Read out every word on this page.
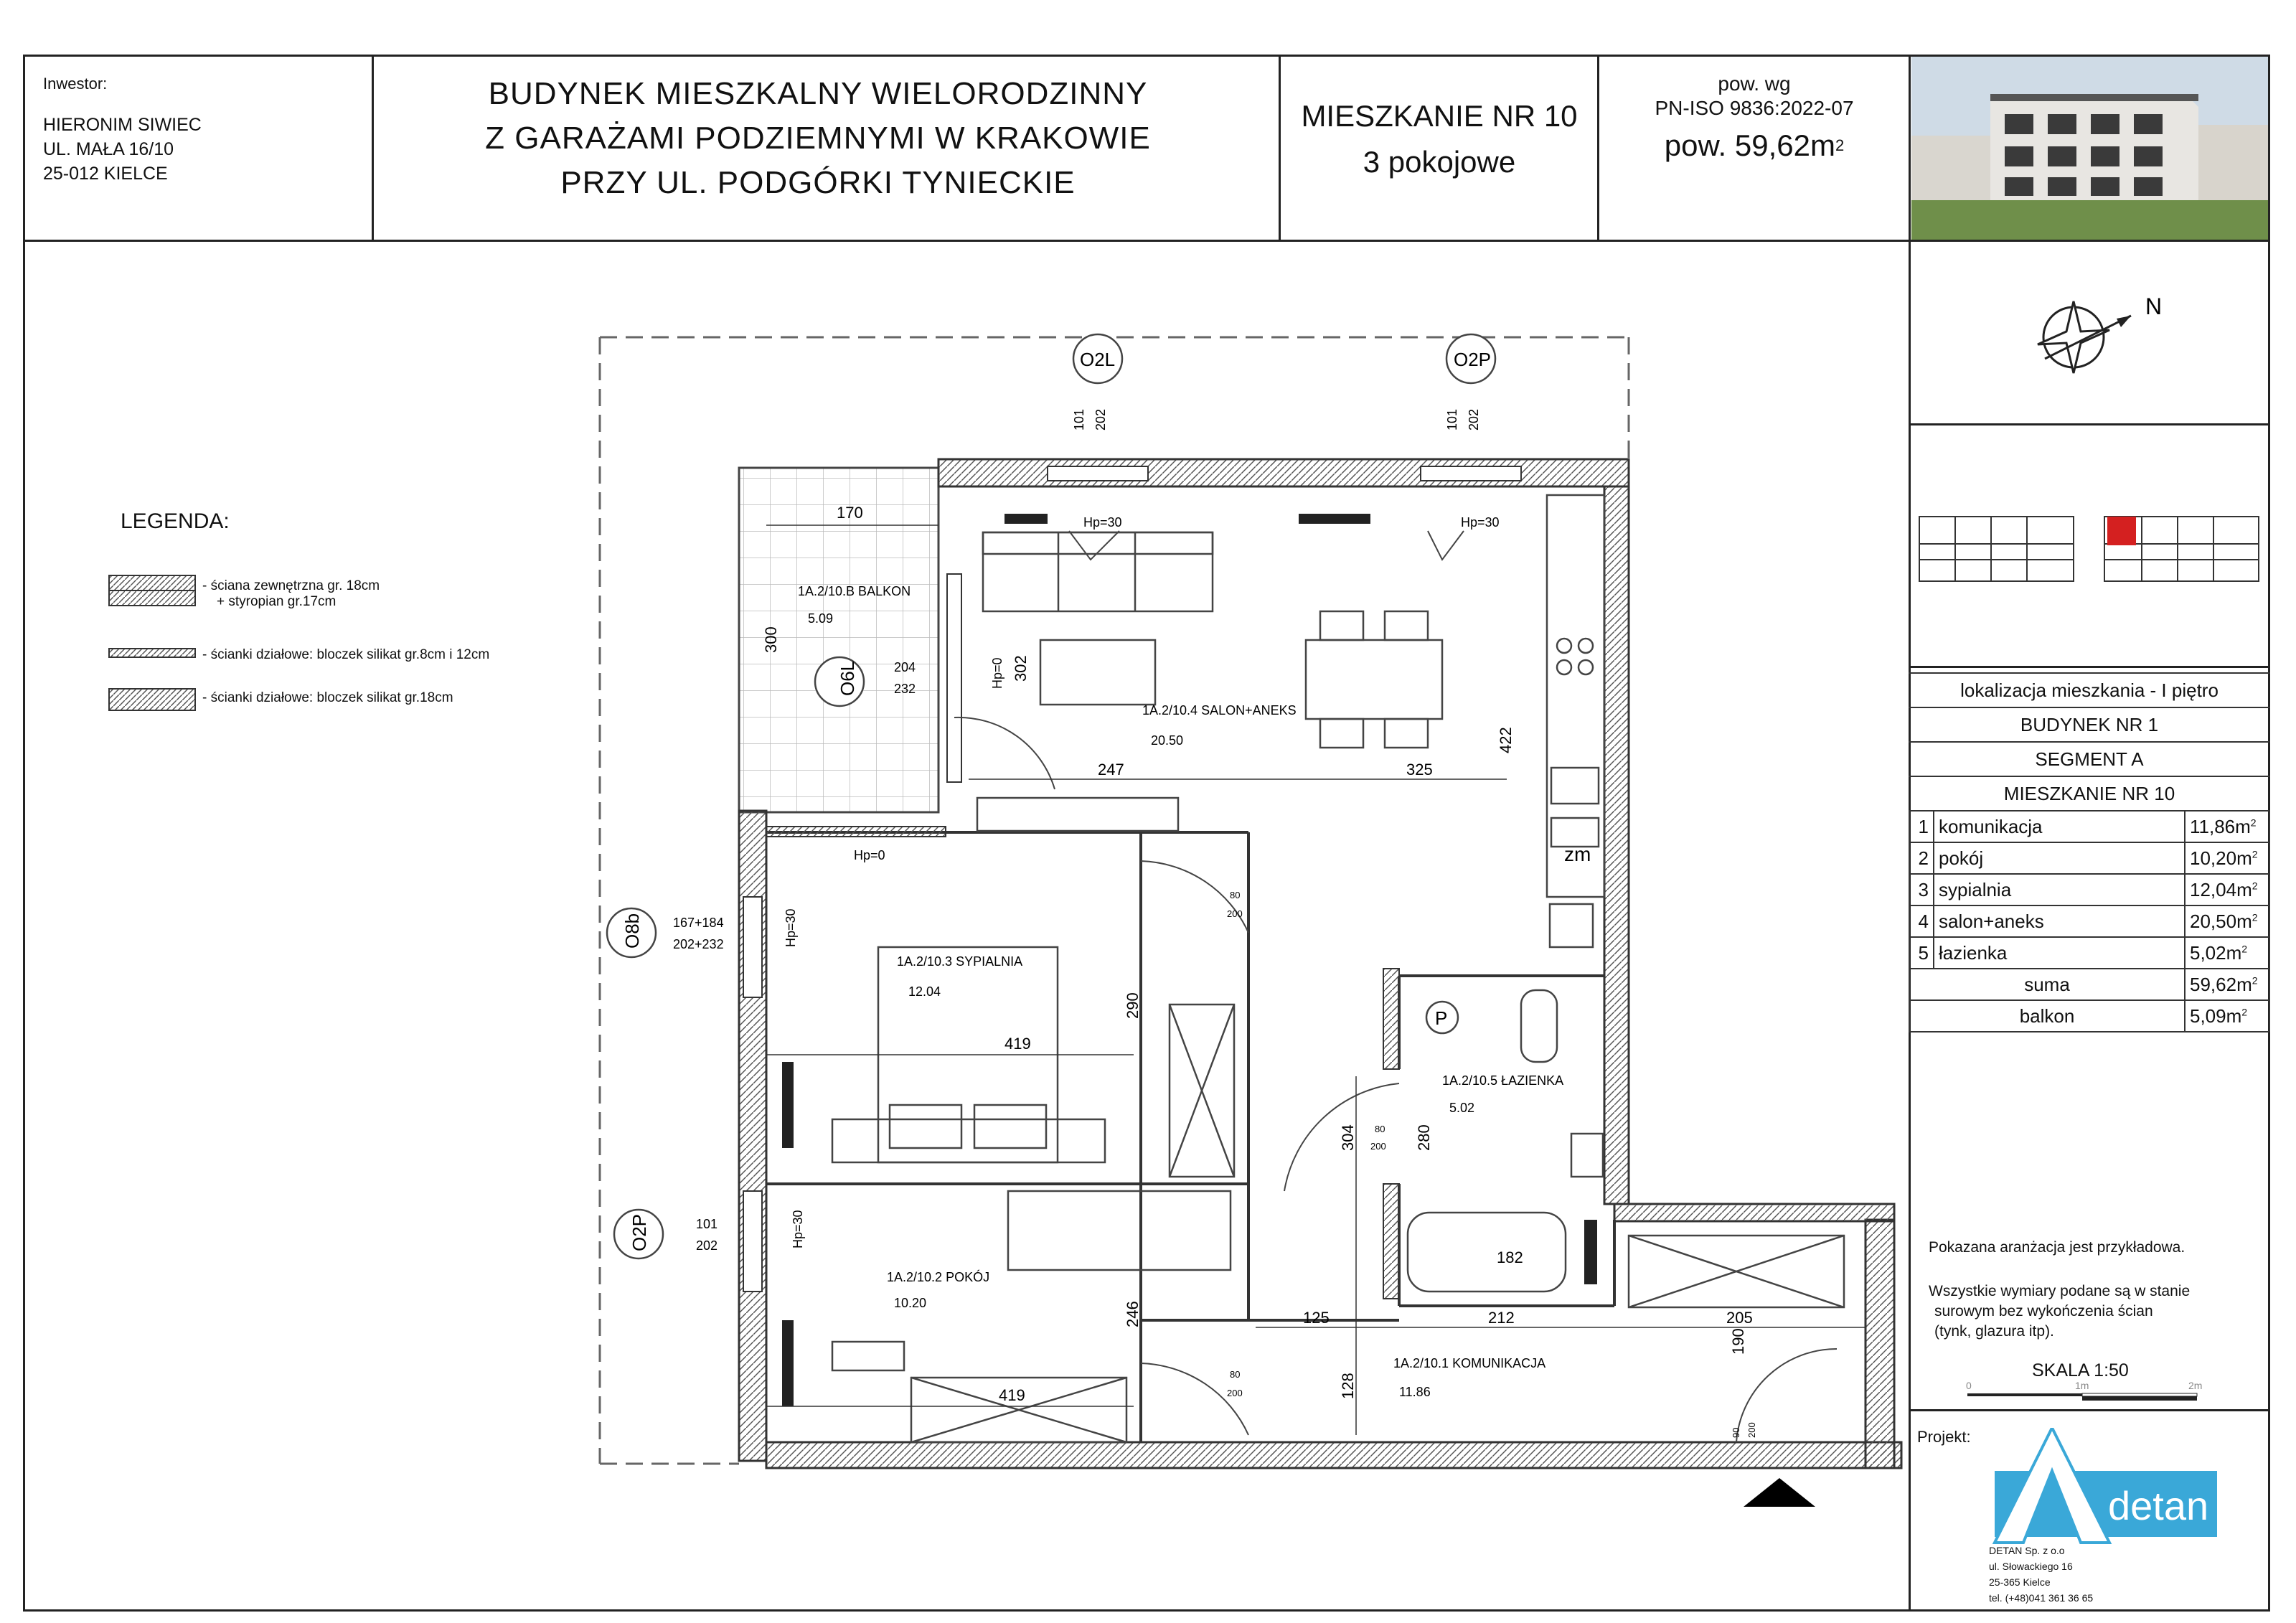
Inwestor:
HIERONIM SIWIEC
UL. MAŁA 16/10
25-012 KIELCE
BUDYNEK MIESZKALNY WIELORODZINNY
Z GARAŻAMI PODZIEMNYMI W KRAKOWIE
PRZY UL. PODGÓRKI TYNIECKIE
MIESZKANIE NR 10
3 pokojowe
pow. wg
PN-ISO 9836:2022-07
pow. $59,62m^2$
N
lokalizacja mieszkania - I piętro
BUDYNEK NR 1
SEGMENT A
MIESZKANIE NR 10
1	komunikacja	$11,86m^2$
2	pokój	$10,20m^2$
3	sypialnia	$12,04m^2$
4	salon+aneks	$20,50m^2$
5	łazienka	$5,02m^2$
suma		$59,62m^2$
balkon		$5,09m^2$
Pokazana aranżacja jest przykładowa.
Wszystkie wymiary podane są w stanie
surowym bez wykończenia ścian
(tynk, glazura itp).
SKALA 1:50
0	1m	2m
Projekt:
detan
DETAN Sp. z o.o
ul. Słowackiego 16
25-365 Kielce
tel. (+48)041 361 36 65
LEGENDA:
- ściana zewnętrzna gr. 18cm
+ styropian gr.17cm
- ścianki działowe: bloczek silikat gr.8cm i 12cm
- ścianki działowe: bloczek silikat gr.18cm
zm
P
O2L	O2P
O6L
O8b
O2P
101 202	101 202
204
232
167+184
202+232
101
202
Hp=30	Hp=30
Hp=0
Hp=0
Hp=30
Hp=30
1A.2/10.B BALKON
5.09
1A.2/10.4 SALON+ANEKS
20.50
1A.2/10.3 SYPIALNIA
12.04
1A.2/10.5 ŁAZIENKA
5.02
1A.2/10.2 POKÓJ
10.20
1A.2/10.1 KOMUNIKACJA
11.86
170
300
302
247	325
422
419
290
304	280
182
125	212	205
190
246
128
419
80
200
80
200
80
200
90 200
